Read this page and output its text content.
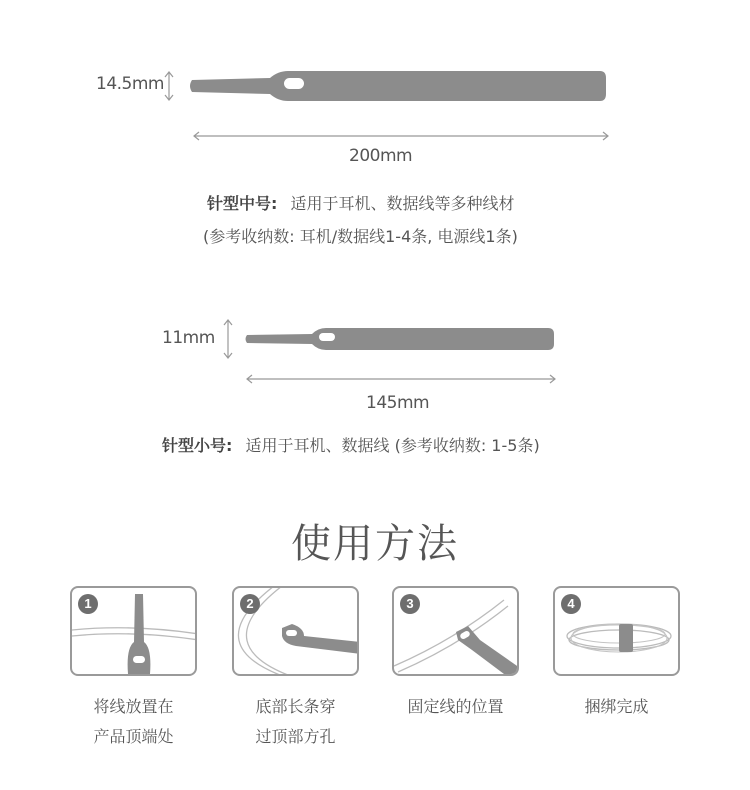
14.5mm
200mm
针型中号: 适用于耳机、数据线等多种线材
(参考收纳数: 耳机/数据线1-4条, 电源线1条)
11mm
145mm
针型小号: 适用于耳机、数据线 (参考收纳数: 1-5条)
使用方法
1
将线放置在
产品顶端处
2
底部长条穿
过顶部方孔
3
固定线的位置
4
捆绑完成
